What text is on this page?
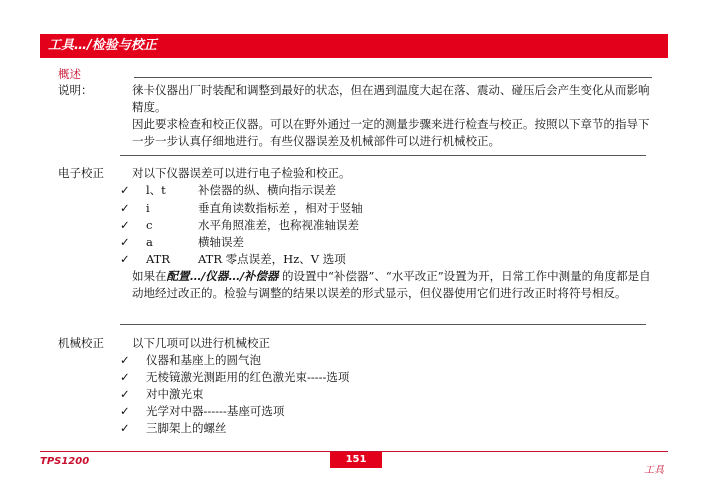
工具…/检验与校正
概述
说明：	徕卡仪器出厂时装配和调整到最好的状态，但在遇到温度大起在落、震动、碰压后会产生变化从而影响精度。
因此要求检查和校正仪器。可以在野外通过一定的测量步骤来进行检查与校正。按照以下章节的指导下一步一步认真仔细地进行。有些仪器误差及机械部件可以进行机械校正。
电子校正 对以下仪器误差可以进行电子检验和校正。
✓ l、t	补偿器的纵、横向指示误差
✓ i	垂直角读数指标差 ，相对于竖轴
✓ c	水平角照准差，也称视准轴误差
✓ a	横轴误差
✓ ATR ATR 零点误差，Hz、V 选项
如果在配置…/仪器…/补偿器 的设置中“补偿器”、“水平改正”设置为开，日常工作中测量的角度都是自动地经过改正的。检验与调整的结果以误差的形式显示，但仪器使用它们进行改正时将符号相反。
机械校正 以下几项可以进行机械校正
✓ 仪器和基座上的圆气泡
✓ 无棱镜激光测距用的红色激光束-----选项
✓ 对中激光束
✓ 光学对中器------基座可选项
✓ 三脚架上的螺丝
TPS1200	151
工具
